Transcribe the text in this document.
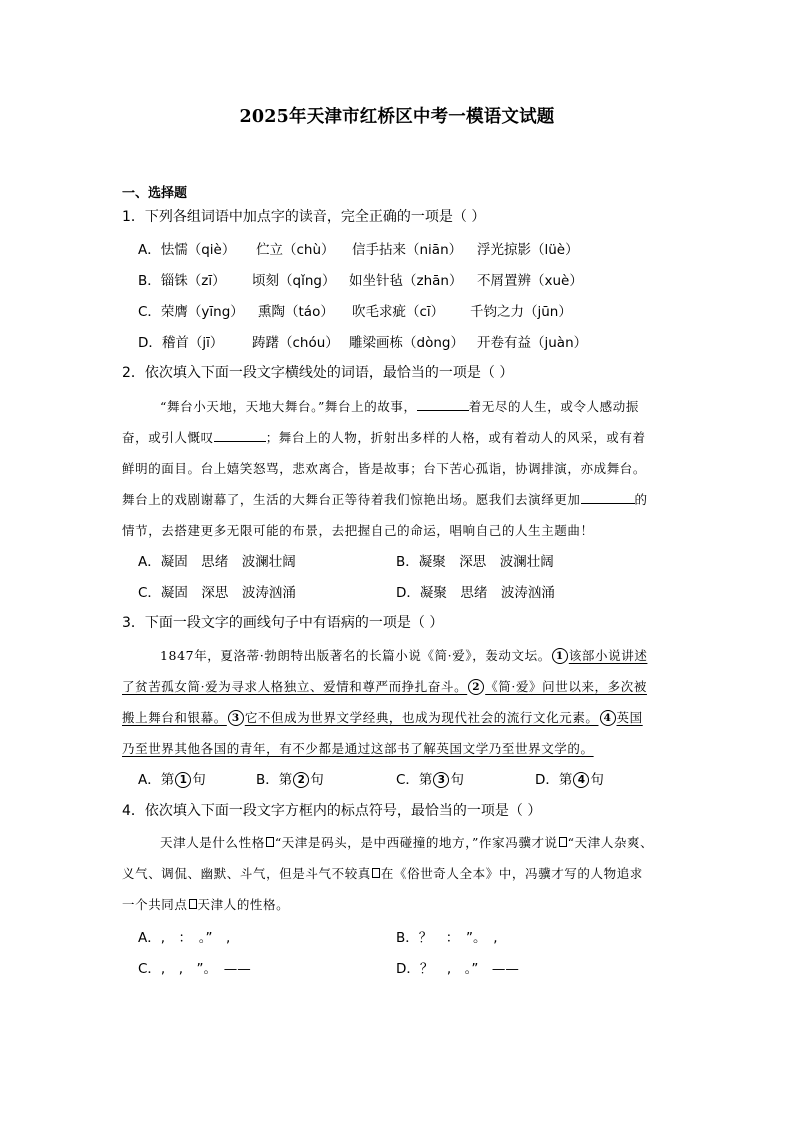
2025年天津市红桥区中考一模语文试题
一、选择题
1．下列各组词语中加点字的读音，完全正确的一项是（ ）
A．怯懦（qiè） 伫立（chù） 信手拈来（niān） 浮光掠影（lüè）
B．锱铢（zī） 顷刻（qǐng） 如坐针毡（zhān） 不屑置辨（xuè）
C．荣膺（yīng） 熏陶（táo） 吹毛求疵（cī） 千钧之力（jūn）
D．稽首（jī） 踌躇（chóu） 雕梁画栋（dòng） 开卷有益（juàn）
2．依次填入下面一段文字横线处的词语，最恰当的一项是（ ）
“舞台小天地，天地大舞台。”舞台上的故事，	着无尽的人生，或令人感动振
奋，或引人慨叹	；舞台上的人物，折射出多样的人格，或有着动人的风采，或有着
鲜明的面目。台上嬉笑怒骂，悲欢离合，皆是故事；台下苦心孤诣，协调排演，亦成舞台。
舞台上的戏剧谢幕了，生活的大舞台正等待着我们惊艳出场。愿我们去演绎更加	的
情节，去搭建更多无限可能的布景，去把握自己的命运，唱响自己的人生主题曲！
A．凝固　思绪　波澜壮阔	B．凝聚　深思　波澜壮阔
C．凝固　深思　波涛汹涌	D．凝聚　思绪　波涛汹涌
3．下面一段文字的画线句子中有语病的一项是（ ）
1847年，夏洛蒂·勃朗特出版著名的长篇小说《简·爱》，轰动文坛。 1 该部小说讲述
了贫苦孤女简·爱为寻求人格独立、爱情和尊严而挣扎奋斗。 2 《简·爱》问世以来，多次被
搬上舞台和银幕。 3 它不但成为世界文学经典，也成为现代社会的流行文化元素。 4 英国
乃至世界其他各国的青年，有不少都是通过这部书了解英国文学乃至世界文学的。
A．第 1 句	B．第 2 句	C．第 3 句	D．第 4 句
4．依次填入下面一段文字方框内的标点符号，最恰当的一项是（ ）
天津人是什么性格 “天津是码头，是中西碰撞的地方，”作家冯骥才说 “天津人杂爽、
义气、调侃、幽默、斗气，但是斗气不较真 在《俗世奇人全本》中，冯骥才写的人物追求
一个共同点 天津人的性格。
A．,　：　。”　,	B．？　：　”。　,
C．,　,　”。　——	D．？　,　。”　——
